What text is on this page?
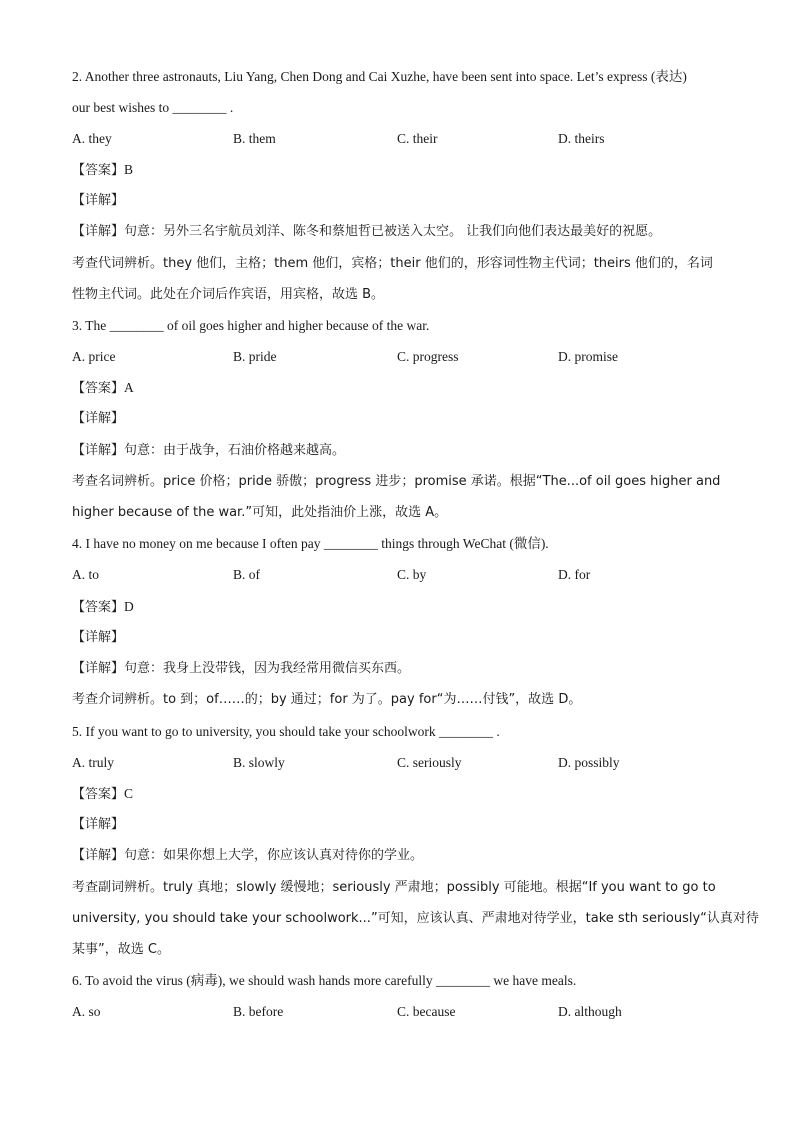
2. Another three astronauts, Liu Yang, Chen Dong and Cai Xuzhe, have been sent into space. Let’s express (表达)
our best wishes to ________ .
A. they	B. them	C. their	D. theirs
【答案】B
【详解】
【详解】句意：另外三名宇航员刘洋、陈冬和蔡旭哲已被送入太空。 让我们向他们表达最美好的祝愿。
考查代词辨析。they 他们，主格；them 他们，宾格；their 他们的，形容词性物主代词；theirs 他们的，名词
性物主代词。此处在介词后作宾语，用宾格，故选 B。
3. The ________ of oil goes higher and higher because of the war.
A. price	B. pride	C. progress	D. promise
【答案】A
【详解】
【详解】句意：由于战争，石油价格越来越高。
考查名词辨析。price 价格；pride 骄傲；progress 进步；promise 承诺。根据“The...of oil goes higher and
higher because of the war.”可知，此处指油价上涨，故选 A。
4. I have no money on me because I often pay ________ things through WeChat (微信).
A. to	B. of	C. by	D. for
【答案】D
【详解】
【详解】句意：我身上没带钱，因为我经常用微信买东西。
考查介词辨析。to 到；of……的；by 通过；for 为了。pay for“为……付钱”，故选 D。
5. If you want to go to university, you should take your schoolwork ________ .
A. truly	B. slowly	C. seriously	D. possibly
【答案】C
【详解】
【详解】句意：如果你想上大学，你应该认真对待你的学业。
考查副词辨析。truly 真地；slowly 缓慢地；seriously 严肃地；possibly 可能地。根据“If you want to go to
university, you should take your schoolwork...”可知，应该认真、严肃地对待学业，take sth seriously“认真对待
某事”，故选 C。
6. To avoid the virus (病毒), we should wash hands more carefully ________ we have meals.
A. so	B. before	C. because	D. although
